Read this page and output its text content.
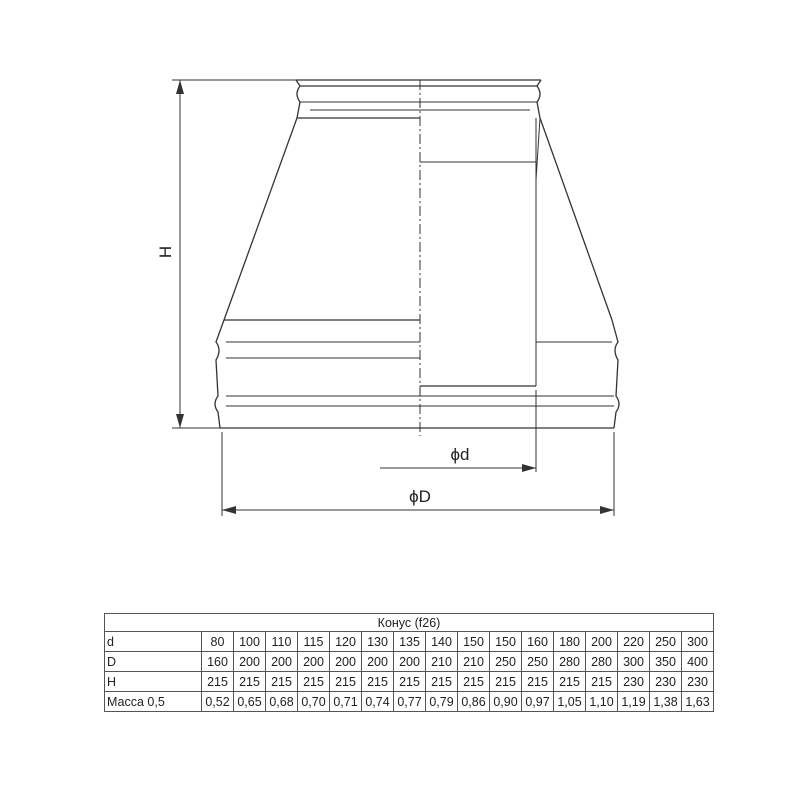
H
ϕd
ϕD
Конус (f26)																
d	80	100	110	115	120	130	135	140	150	150	160	180	200	220	250	300
D	160	200	200	200	200	200	200	210	210	250	250	280	280	300	350	400
H	215	215	215	215	215	215	215	215	215	215	215	215	215	230	230	230
Масса 0,5	0,52	0,65	0,68	0,70	0,71	0,74	0,77	0,79	0,86	0,90	0,97	1,05	1,10	1,19	1,38	1,63
